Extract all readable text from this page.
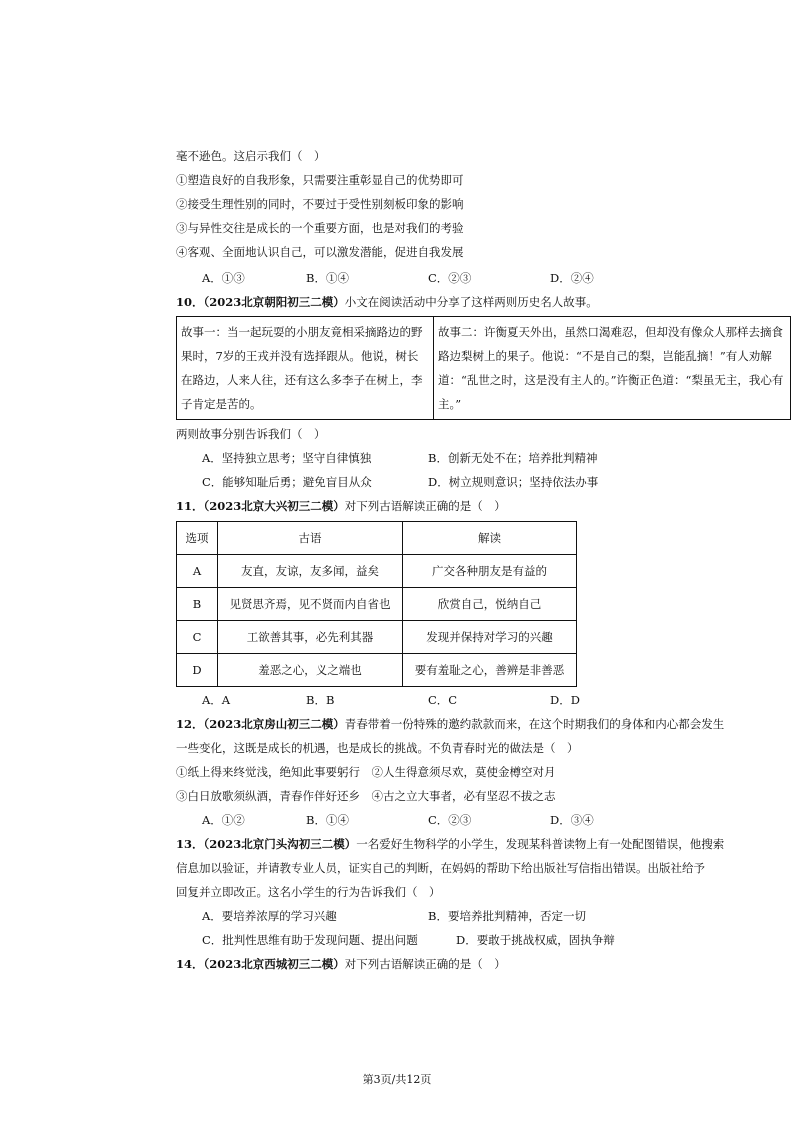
毫不逊色。这启示我们（　）
①塑造良好的自我形象，只需要注重彰显自己的优势即可
②接受生理性别的同时，不要过于受性别刻板印象的影响
③与异性交往是成长的一个重要方面，也是对我们的考验
④客观、全面地认识自己，可以激发潜能，促进自我发展
A．①③	B．①④	C．②③	D．②④
10．（2023北京朝阳初三二模）小文在阅读活动中分享了这样两则历史名人故事。
故事一：当一起玩耍的小朋友竟相采摘路边的野果时，7岁的王戎并没有选择跟从。他说，树长在路边，人来人往，还有这么多李子在树上，李子肯定是苦的。	故事二：许衡夏天外出，虽然口渴难忍，但却没有像众人那样去摘食路边梨树上的果子。他说：“不是自己的梨，岂能乱摘！”有人劝解道：“乱世之时，这是没有主人的。”许衡正色道：“梨虽无主，我心有主。”
两则故事分别告诉我们（　）
A．坚持独立思考；坚守自律慎独	B．创新无处不在；培养批判精神
C．能够知耻后勇；避免盲目从众	D．树立规则意识；坚持依法办事
11．（2023北京大兴初三二模）对下列古语解读正确的是（　）
选项	古语	解读
A	友直，友谅，友多闻，益矣	广交各种朋友是有益的
B	见贤思齐焉，见不贤而内自省也	欣赏自己，悦纳自己
C	工欲善其事，必先利其器	发现并保持对学习的兴趣
D	羞恶之心，义之端也	要有羞耻之心，善辨是非善恶
A．A	B．B	C．C	D．D
12．（2023北京房山初三二模）青春带着一份特殊的邀约款款而来，在这个时期我们的身体和内心都会发生
一些变化，这既是成长的机遇，也是成长的挑战。不负青春时光的做法是（　）
①纸上得来终觉浅，绝知此事要躬行　②人生得意须尽欢，莫使金樽空对月
③白日放歌须纵酒，青春作伴好还乡　④古之立大事者，必有坚忍不拔之志
A．①②	B．①④	C．②③	D．③④
13．（2023北京门头沟初三二模）一名爱好生物科学的小学生，发现某科普读物上有一处配图错误，他搜索
信息加以验证，并请教专业人员，证实自己的判断，在妈妈的帮助下给出版社写信指出错误。出版社给予
回复并立即改正。这名小学生的行为告诉我们（　）
A．要培养浓厚的学习兴趣	B．要培养批判精神，否定一切
C．批判性思维有助于发现问题、提出问题	D．要敢于挑战权威，固执争辩
14．（2023北京西城初三二模）对下列古语解读正确的是（　）
第3页/共12页
